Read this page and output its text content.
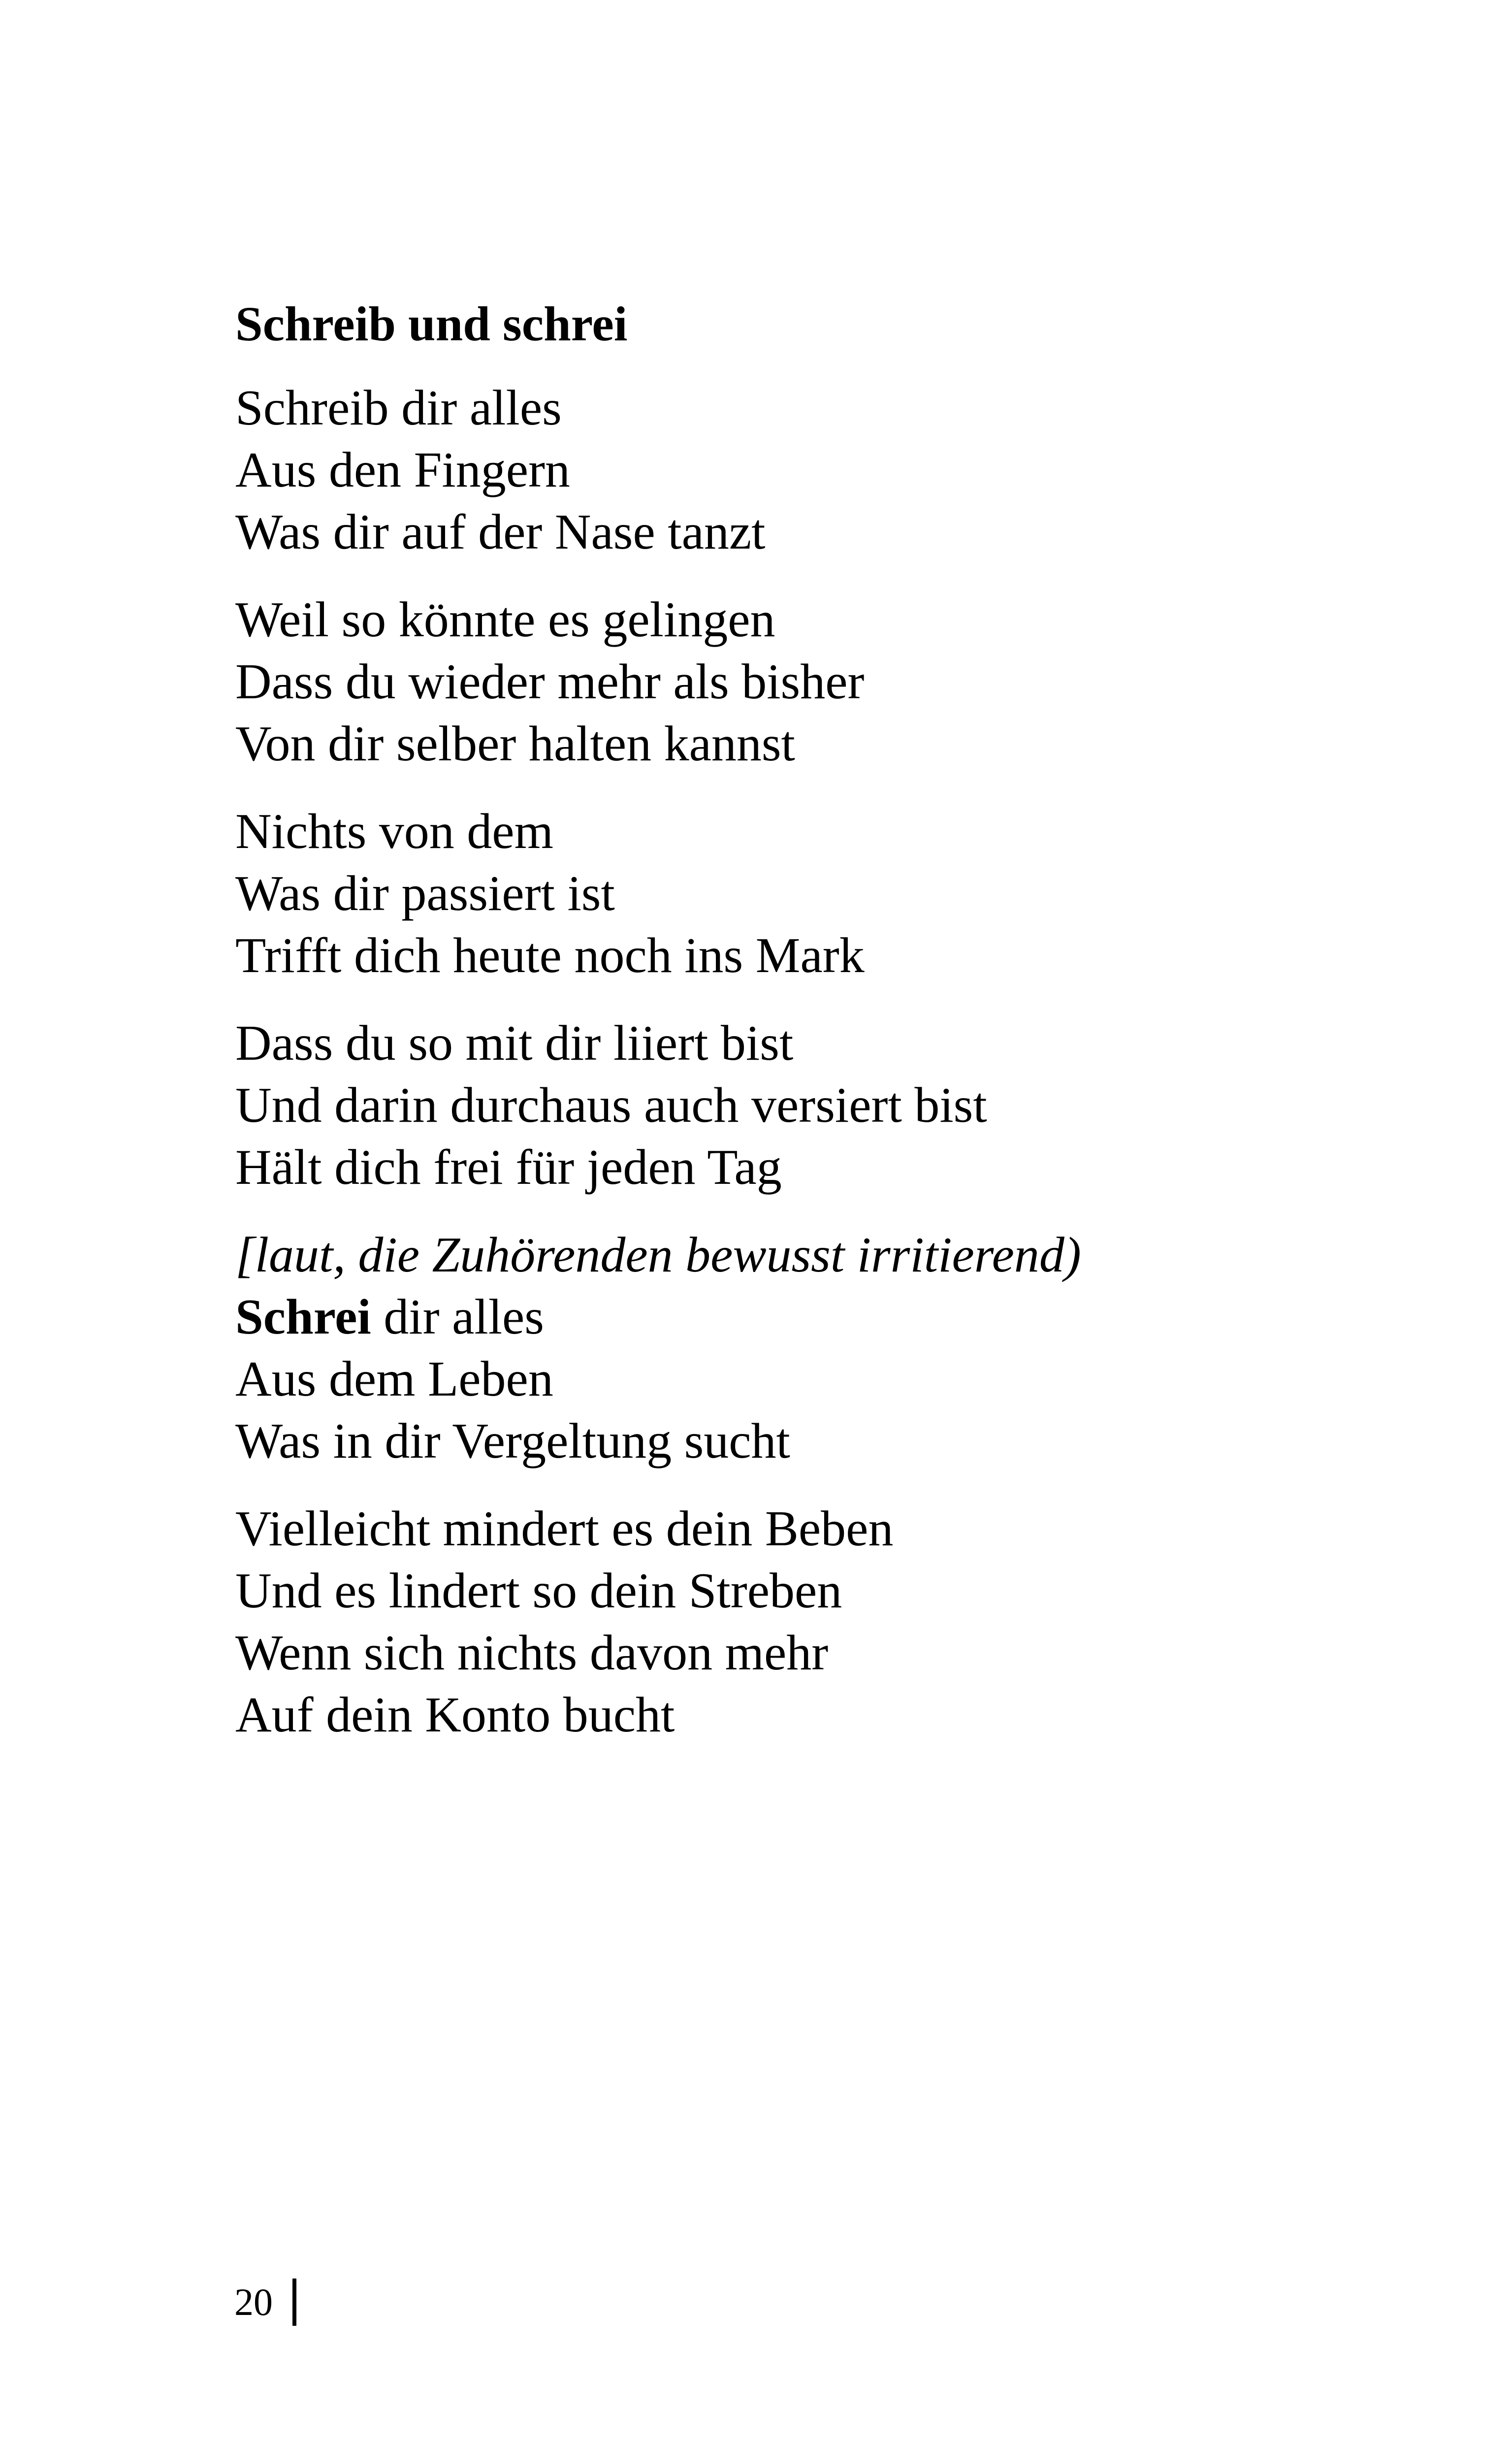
Schreib und schrei
Schreib dir alles
Aus den Fingern
Was dir auf der Nase tanzt
Weil so könnte es gelingen
Dass du wieder mehr als bisher
Von dir selber halten kannst
Nichts von dem
Was dir passiert ist
Trifft dich heute noch ins Mark
Dass du so mit dir liiert bist
Und darin durchaus auch versiert bist
Hält dich frei für jeden Tag
[laut, die Zuhörenden bewusst irritierend)
Schrei dir alles
Aus dem Leben
Was in dir Vergeltung sucht
Vielleicht mindert es dein Beben
Und es lindert so dein Streben
Wenn sich nichts davon mehr
Auf dein Konto bucht
20
